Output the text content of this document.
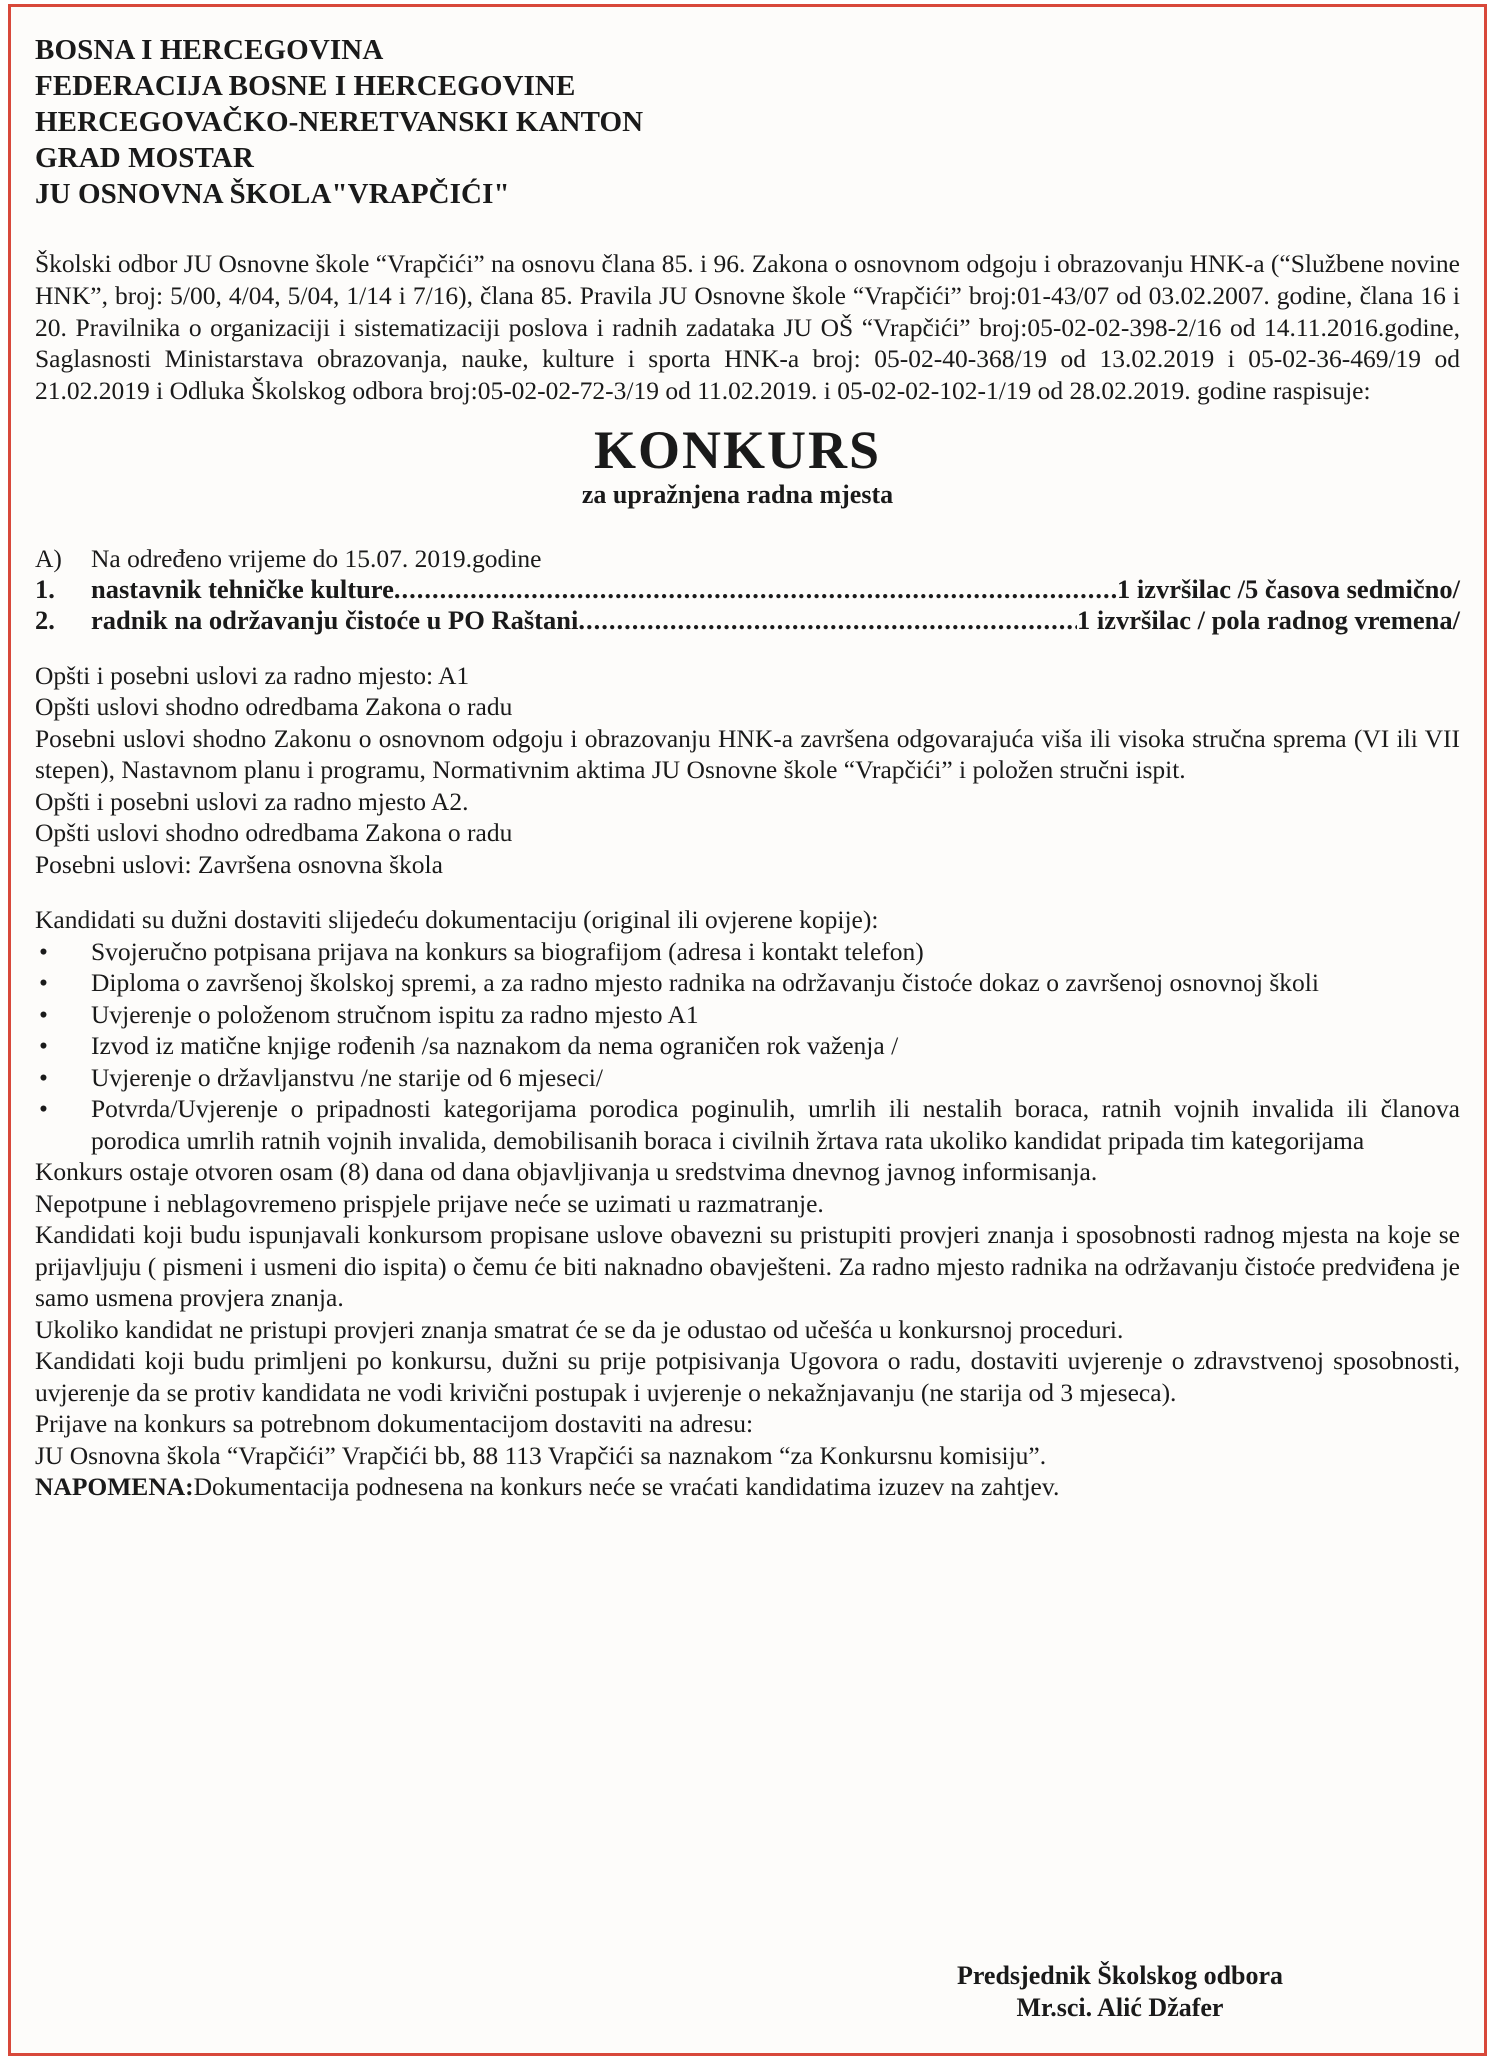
BOSNA I HERCEGOVINA
FEDERACIJA BOSNE I HERCEGOVINE
HERCEGOVAČKO-NERETVANSKI KANTON
GRAD MOSTAR
JU OSNOVNA ŠKOLA"VRAPČIĆI"
Školski odbor JU Osnovne škole “Vrapčići” na osnovu člana 85. i 96. Zakona o osnovnom odgoju i obrazovanju HNK-a (“Službene novine HNK”, broj: 5/00, 4/04, 5/04, 1/14 i 7/16), člana 85. Pravila JU Osnovne škole “Vrapčići” broj:01-43/07 od 03.02.2007. godine, člana 16 i 20. Pravilnika o organizaciji i sistematizaciji poslova i radnih zadataka JU OŠ “Vrapčići” broj:05-02-02-398-2/16 od 14.11.2016.godine, Saglasnosti Ministarstava obrazovanja, nauke, kulture i sporta HNK-a broj: 05-02-40-368/19 od 13.02.2019 i 05-02-36-469/19 od 21.02.2019 i Odluka Školskog odbora broj:05-02-02-72-3/19 od 11.02.2019. i 05-02-02-102-1/19 od 28.02.2019. godine raspisuje:
KONKURS
za upražnjena radna mjesta
A)	Na određeno vrijeme do 15.07. 2019.godine
1.	nastavnik tehničke kulture .....	1 izvršilac /5 časova sedmično/
2.	radnik na održavanju čistoće u PO Raštani .....	1 izvršilac / pola radnog vremena/

Opšti i posebni uslovi za radno mjesto: A1

Opšti uslovi shodno odredbama Zakona o radu

Posebni uslovi shodno Zakonu o osnovnom odgoju i obrazovanju HNK-a završena odgovarajuća viša ili visoka stručna sprema (VI ili VII stepen), Nastavnom planu i programu, Normativnim aktima JU Osnovne škole “Vrapčići” i položen stručni ispit.

Opšti i posebni uslovi za radno mjesto A2.

Opšti uslovi shodno odredbama Zakona o radu

Posebni uslovi: Završena osnovna škola

Kandidati su dužni dostaviti slijedeću dokumentaciju (original ili ovjerene kopije):

• Svojeručno potpisana prijava na konkurs sa biografijom (adresa i kontakt telefon)
• Diploma o završenoj školskoj spremi, a za radno mjesto radnika na održavanju čistoće dokaz o završenoj osnovnoj školi
• Uvjerenje o položenom stručnom ispitu za radno mjesto A1
• Izvod iz matične knjige rođenih /sa naznakom da nema ograničen rok važenja /
• Uvjerenje o državljanstvu /ne starije od 6 mjeseci/
• Potvrda/Uvjerenje o pripadnosti kategorijama porodica poginulih, umrlih ili nestalih boraca, ratnih vojnih invalida ili članova porodica umrlih ratnih vojnih invalida, demobilisanih boraca i civilnih žrtava rata ukoliko kandidat pripada tim kategorijama

Konkurs ostaje otvoren osam (8) dana od dana objavljivanja u sredstvima dnevnog javnog informisanja.

Nepotpune i neblagovremeno prispjele prijave neće se uzimati u razmatranje.

Kandidati koji budu ispunjavali konkursom propisane uslove obavezni su pristupiti provjeri znanja i sposobnosti radnog mjesta na koje se prijavljuju ( pismeni i usmeni dio ispita) o čemu će biti naknadno obavješteni. Za radno mjesto radnika na održavanju čistoće predviđena je samo usmena provjera znanja.

Ukoliko kandidat ne pristupi provjeri znanja smatrat će se da je odustao od učešća u konkursnoj proceduri.

Kandidati koji budu primljeni po konkursu, dužni su prije potpisivanja Ugovora o radu, dostaviti uvjerenje o zdravstvenoj sposobnosti, uvjerenje da se protiv kandidata ne vodi krivični postupak i uvjerenje o nekažnjavanju (ne starija od 3 mjeseca).

Prijave na konkurs sa potrebnom dokumentacijom dostaviti na adresu:

JU Osnovna škola “Vrapčići” Vrapčići bb, 88 113 Vrapčići sa naznakom “za Konkursnu komisiju”.

NAPOMENA:Dokumentacija podnesena na konkurs neće se vraćati kandidatima izuzev na zahtjev.

Predsjednik Školskog odbora
Mr.sci. Alić Džafer
